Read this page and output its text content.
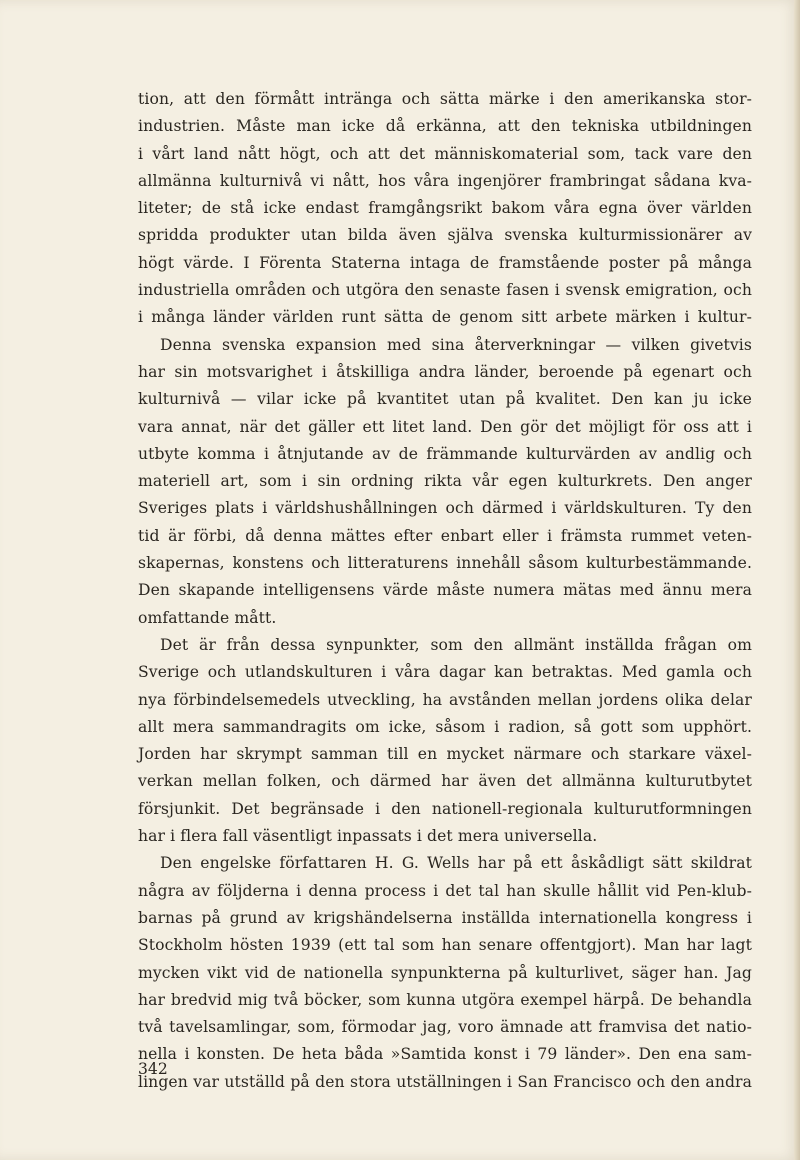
tion, att den förmått intränga och sätta märke i den amerikanska stor-
industrien. Måste man icke då erkänna, att den tekniska utbildningen
i vårt land nått högt, och att det människomaterial som, tack vare den
allmänna kulturnivå vi nått, hos våra ingenjörer frambringat sådana kva-
liteter; de stå icke endast framgångsrikt bakom våra egna över världen
spridda produkter utan bilda även själva svenska kulturmissionärer av
högt värde. I Förenta Staterna intaga de framstående poster på många
industriella områden och utgöra den senaste fasen i svensk emigration, och
i många länder världen runt sätta de genom sitt arbete märken i kultur-
Denna svenska expansion med sina återverkningar — vilken givetvis
har sin motsvarighet i åtskilliga andra länder, beroende på egenart och
kulturnivå — vilar icke på kvantitet utan på kvalitet. Den kan ju icke
vara annat, när det gäller ett litet land. Den gör det möjligt för oss att i
utbyte komma i åtnjutande av de främmande kulturvärden av andlig och
materiell art, som i sin ordning rikta vår egen kulturkrets. Den anger
Sveriges plats i världshushållningen och därmed i världskulturen. Ty den
tid är förbi, då denna mättes efter enbart eller i främsta rummet veten-
skapernas, konstens och litteraturens innehåll såsom kulturbestämmande.
Den skapande intelligensens värde måste numera mätas med ännu mera
omfattande mått.
Det är från dessa synpunkter, som den allmänt inställda frågan om
Sverige och utlandskulturen i våra dagar kan betraktas. Med gamla och
nya förbindelsemedels utveckling, ha avstånden mellan jordens olika delar
allt mera sammandragits om icke, såsom i radion, så gott som upphört.
Jorden har skrympt samman till en mycket närmare och starkare växel-
verkan mellan folken, och därmed har även det allmänna kulturutbytet
försjunkit. Det begränsade i den nationell-regionala kulturutformningen
har i flera fall väsentligt inpassats i det mera universella.
Den engelske författaren H. G. Wells har på ett åskådligt sätt skildrat
några av följderna i denna process i det tal han skulle hållit vid Pen-klub-
barnas på grund av krigshändelserna inställda internationella kongress i
Stockholm hösten 1939 (ett tal som han senare offentgjort). Man har lagt
mycken vikt vid de nationella synpunkterna på kulturlivet, säger han. Jag
har bredvid mig två böcker, som kunna utgöra exempel härpå. De behandla
två tavelsamlingar, som, förmodar jag, voro ämnade att framvisa det natio-
nella i konsten. De heta båda »Samtida konst i 79 länder». Den ena sam-
lingen var utställd på den stora utställningen i San Francisco och den andra
342
